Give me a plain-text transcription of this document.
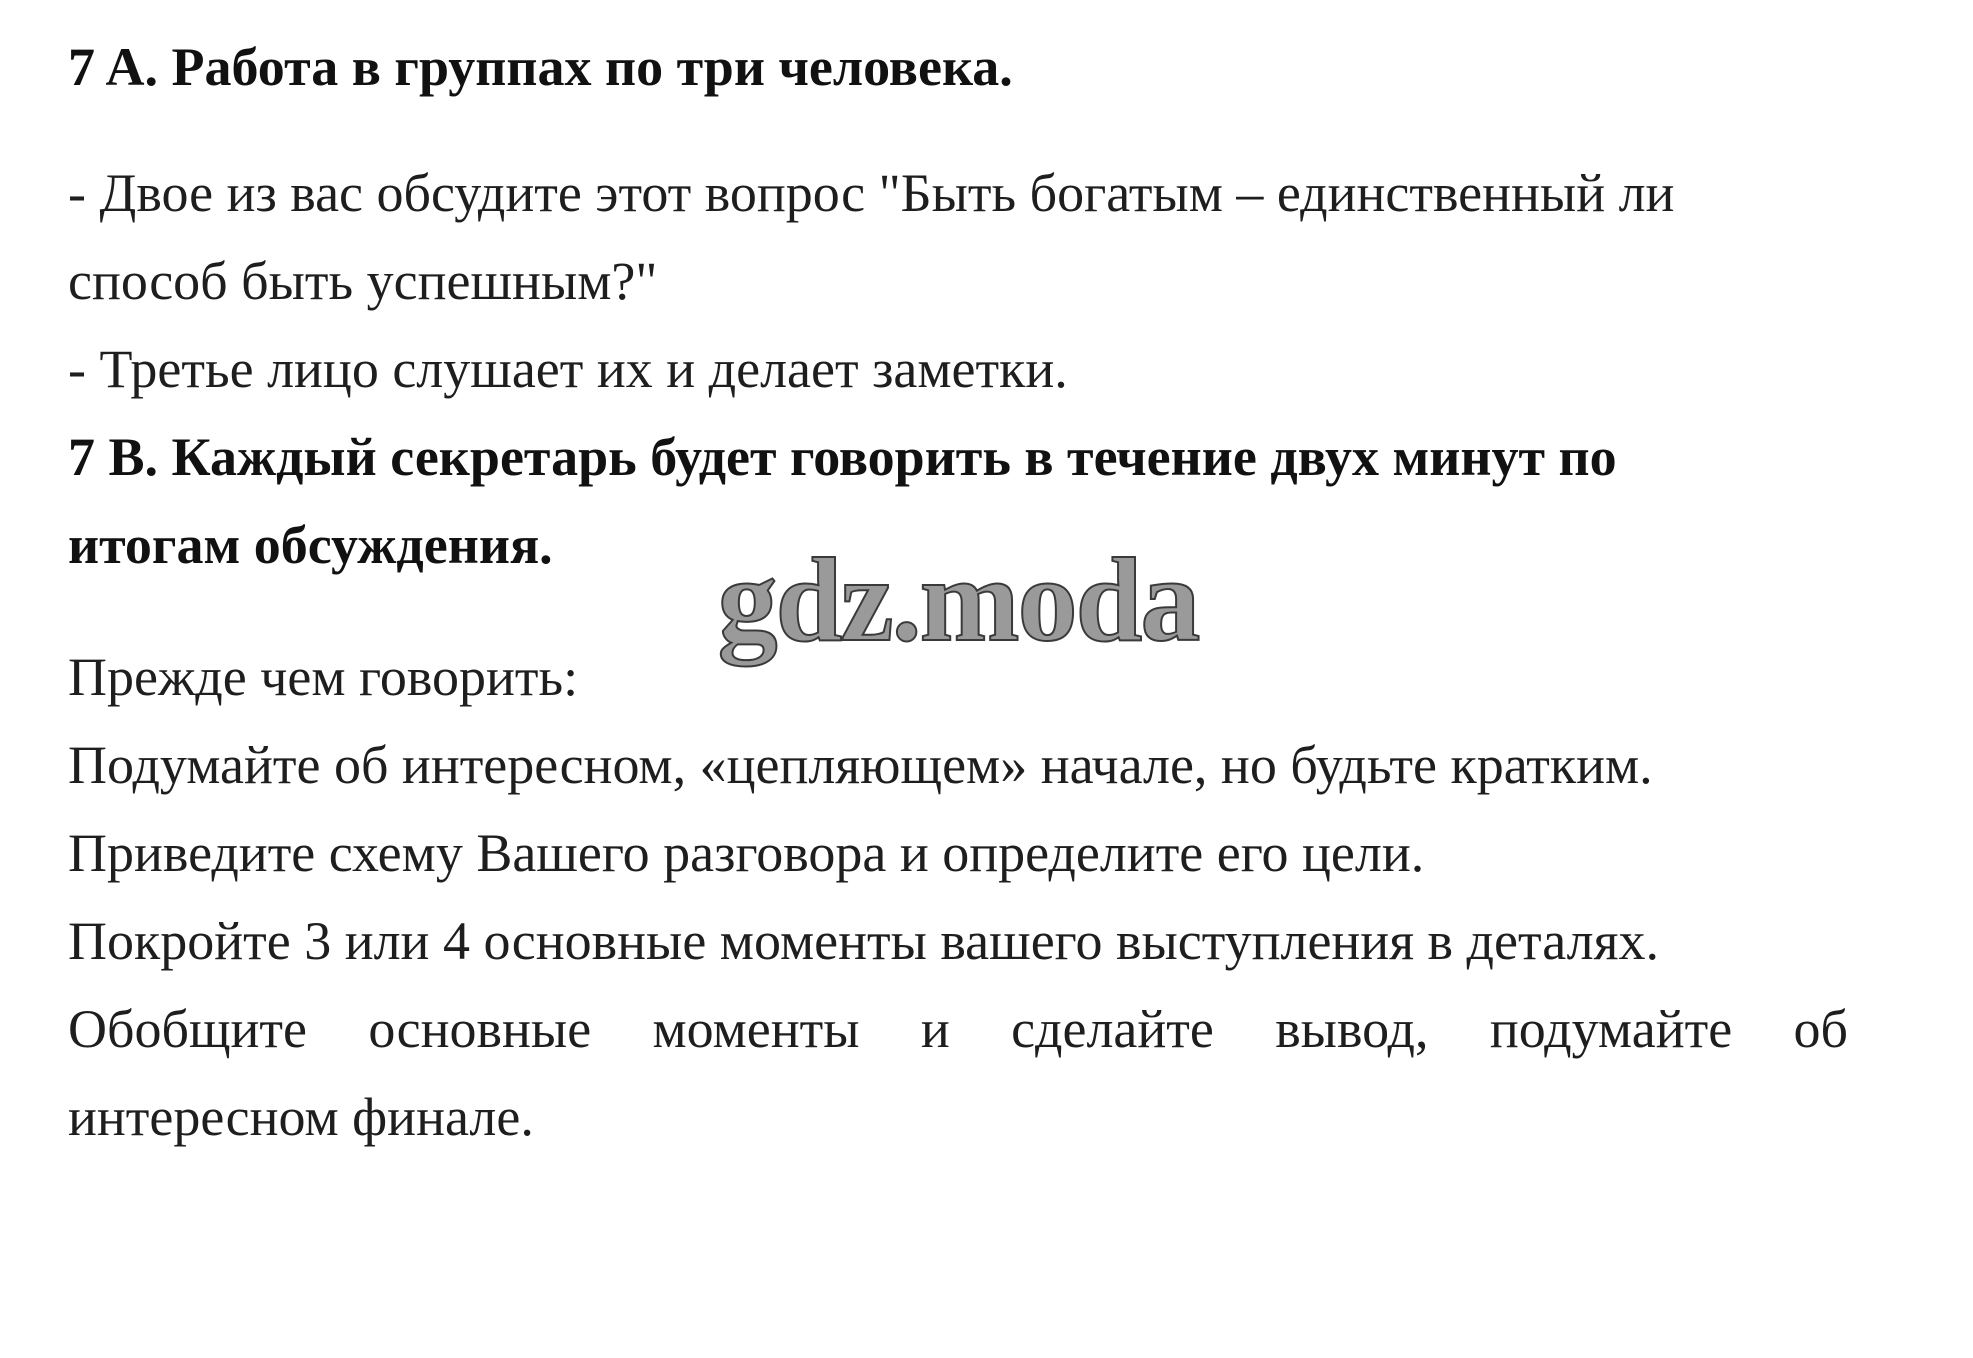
7 A. Работа в группах по три человека.
- Двое из вас обсудите этот вопрос "Быть богатым – единственный ли
способ быть успешным?"
- Третье лицо слушает их и делает заметки.
7 B. Каждый секретарь будет говорить в течение двух минут по
итогам обсуждения. gdz.moda
Прежде чем говорить:
Подумайте об интересном, «цепляющем» начале, но будьте кратким.
Приведите схему Вашего разговора и определите его цели.
Покройте 3 или 4 основные моменты вашего выступления в деталях.
Обобщите основные моменты и сделайте вывод, подумайте об
интересном финале.
